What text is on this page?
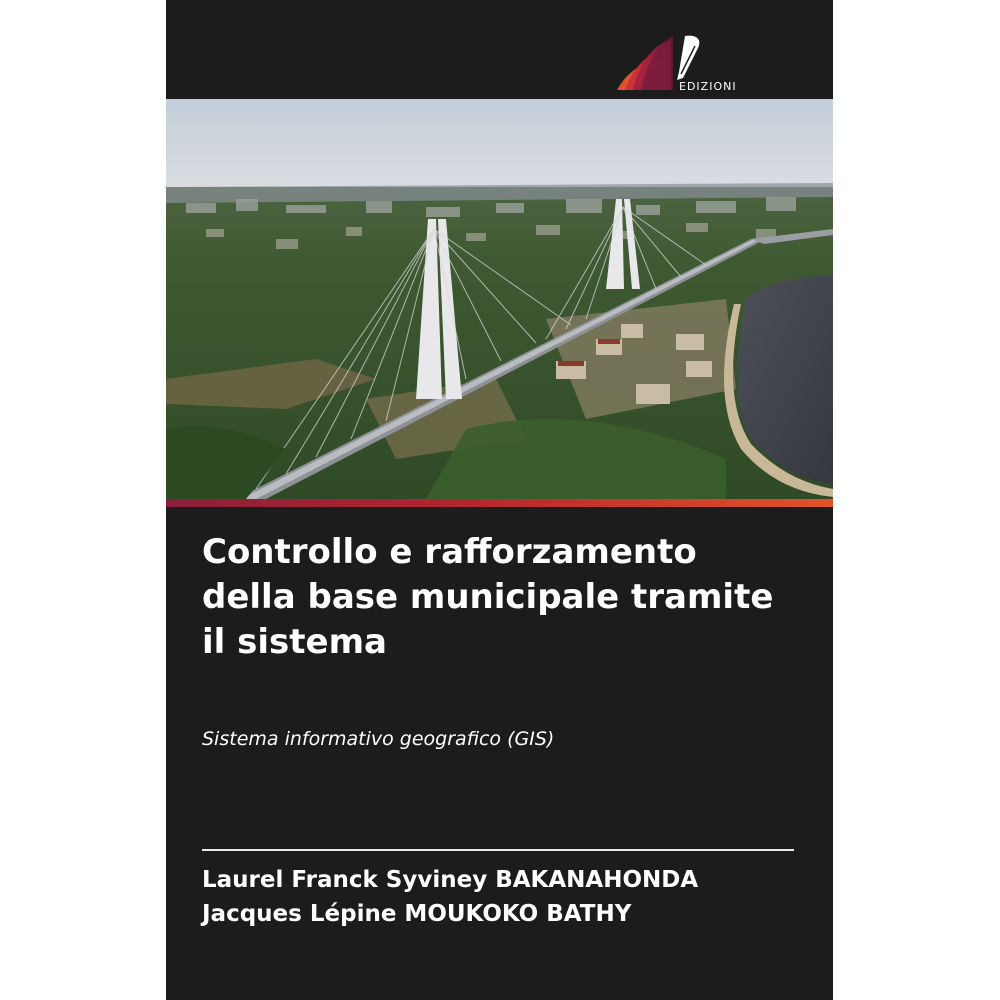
EDIZIONI
Controllo e rafforzamento della base municipale tramite il sistema
Sistema informativo geografico (GIS)
Laurel Franck Syviney BAKANAHONDA
Jacques Lépine MOUKOKO BATHY
